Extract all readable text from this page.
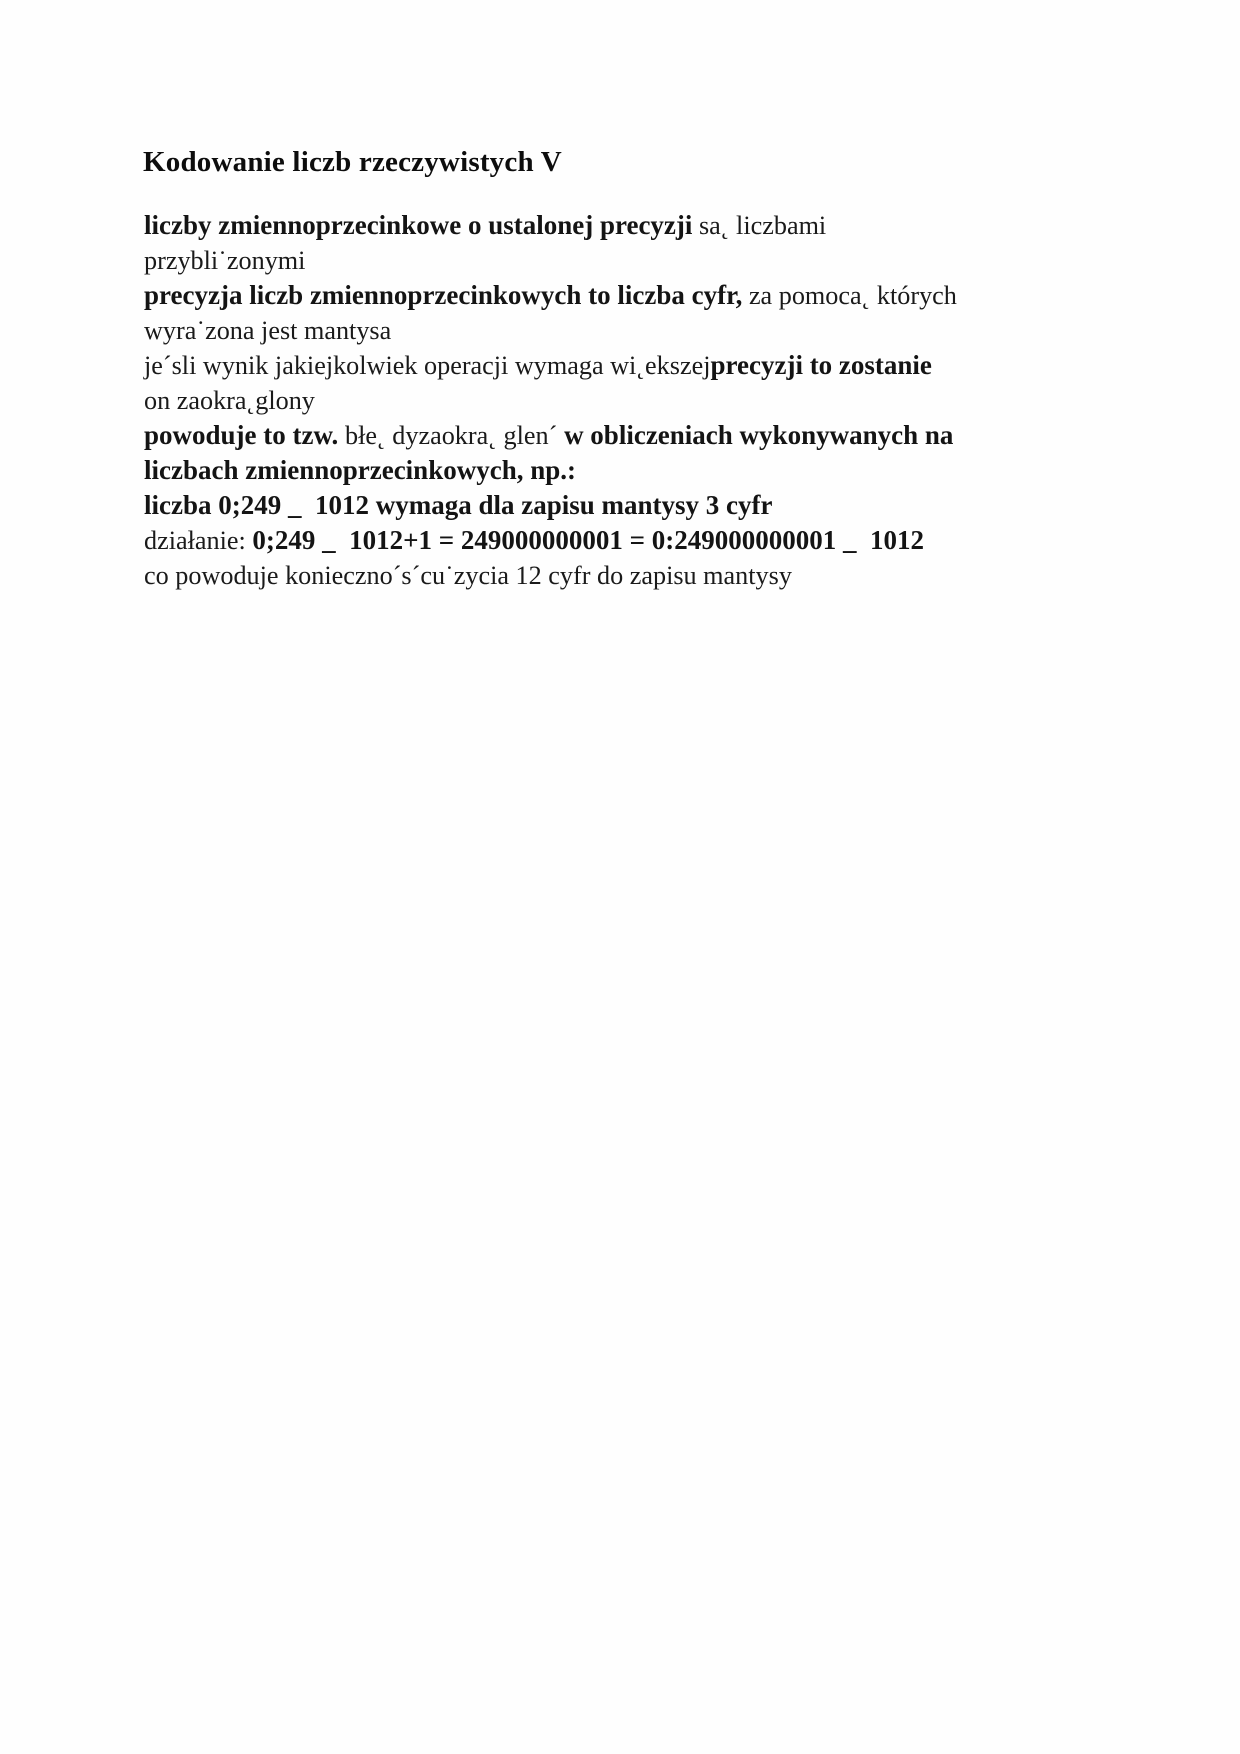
Kodowanie liczb rzeczywistych V
liczby zmiennoprzecinkowe o ustalonej precyzji sa˛ liczbami
przybli˙zonymi
precyzja liczb zmiennoprzecinkowych to liczba cyfr, za pomoca˛ których
wyra˙zona jest mantysa
je´sli wynik jakiejkolwiek operacji wymaga wi˛ekszejprecyzji to zostanie
on zaokra˛glony
powoduje to tzw. błe˛ dyzaokra˛ glen´ w obliczeniach wykonywanych na
liczbach zmiennoprzecinkowych, np.:
liczba 0;249 _  1012 wymaga dla zapisu mantysy 3 cyfr
działanie: 0;249 _  1012+1 = 249000000001 = 0:249000000001 _  1012
co powoduje konieczno´s´cu˙zycia 12 cyfr do zapisu mantysy
